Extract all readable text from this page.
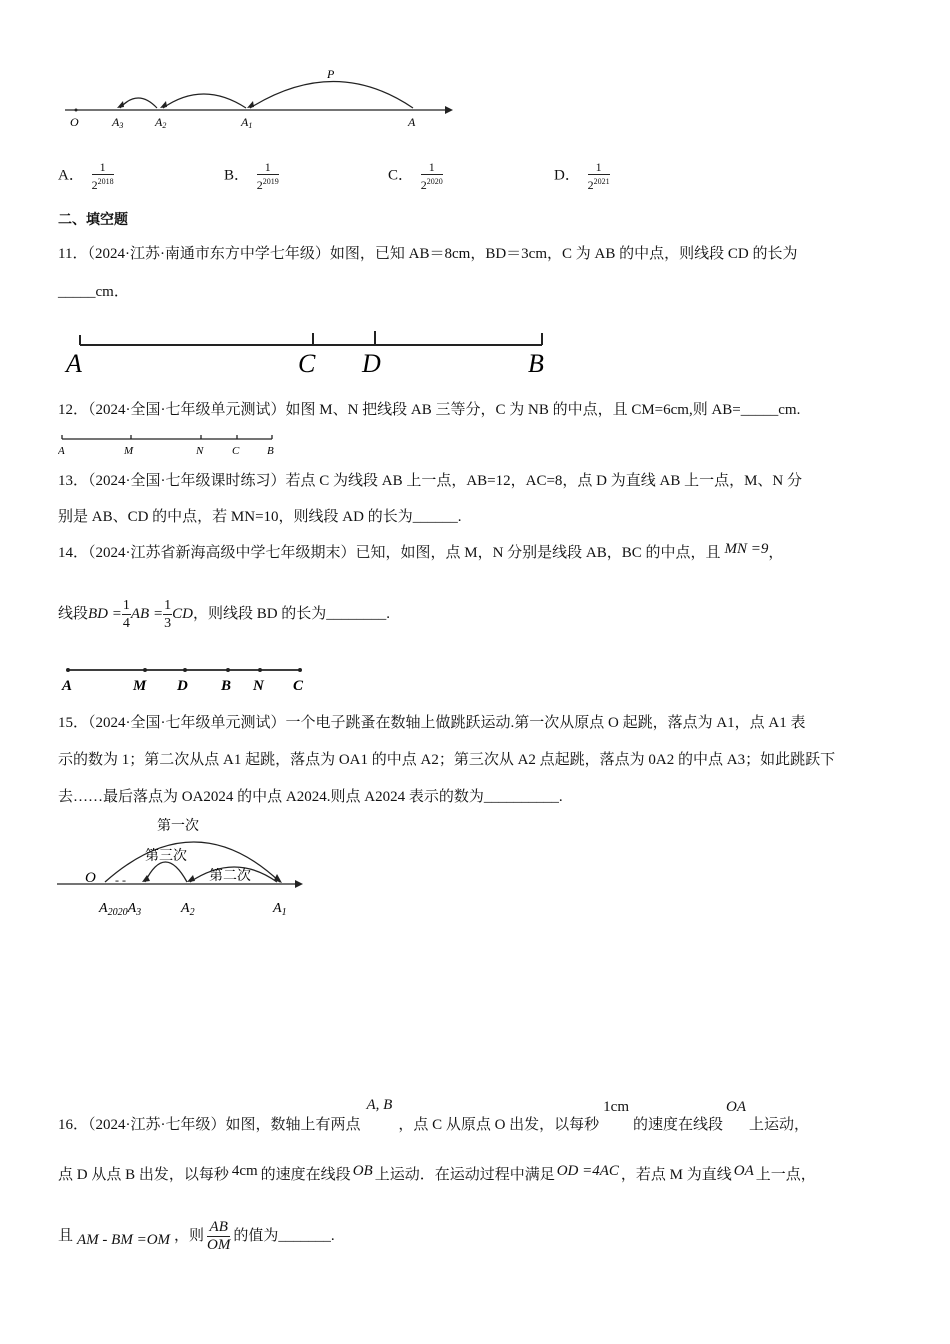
O	A3	A2	A1	A
P
A． $\frac{1}{2^{2018}}$	B． $\frac{1}{2^{2019}}$	C． $\frac{1}{2^{2020}}$	D． $\frac{1}{2^{2021}}$
二、填空题
11．（2024·江苏·南通市东方中学七年级）如图，已知 AB＝8cm，BD＝3cm，C 为 AB 的中点，则线段 CD 的长为
_____cm．
A	C D	B
12．（2024·全国·七年级单元测试）如图 M、N 把线段 AB 三等分，C 为 NB 的中点，且 CM=6cm,则 AB=_____cm.
A	M	N	C	B
13．（2024·全国·七年级课时练习）若点 C 为线段 AB 上一点，AB=12，AC=8，点 D 为直线 AB 上一点，M、N 分
别是 AB、CD 的中点，若 MN=10，则线段 AD 的长为______.
14．（2024·江苏省新海高级中学七年级期末）已知，如图，点 M，N 分别是线段 AB，BC 的中点，且 MN =9，
线段BD = $\frac{1}{4}AB = \frac{1}{3}CD$，则线段 BD 的长为________.
A	M D B N C
15．（2024·全国·七年级单元测试）一个电子跳蚤在数轴上做跳跃运动.第一次从原点 O 起跳，落点为 A1，点 A1 表
示的数为 1；第二次从点 A1 起跳，落点为 OA1 的中点 A2；第三次从 A2 点起跳，落点为 0A2 的中点 A3；如此跳跃下
去……最后落点为 OA2024 的中点 A2024.则点 A2024 表示的数为__________.
- -
第一次
第三次
第二次
O
$A_{2020}A_3$	$A_2$	$A_1$
16．（2024·江苏·七年级）如图，数轴上有两点A, B，点 C 从原点 O 出发，以每秒1cm的速度在线段OA上运动，
点 D 从点 B 出发，以每秒 4cm 的速度在线段 OB 上运动．在运动过程中满足 OD =4AC ，若点 M 为直线 OA 上一点，
且 AM - BM =OM ，则 $\frac{AB}{OM}$ 的值为_______.
